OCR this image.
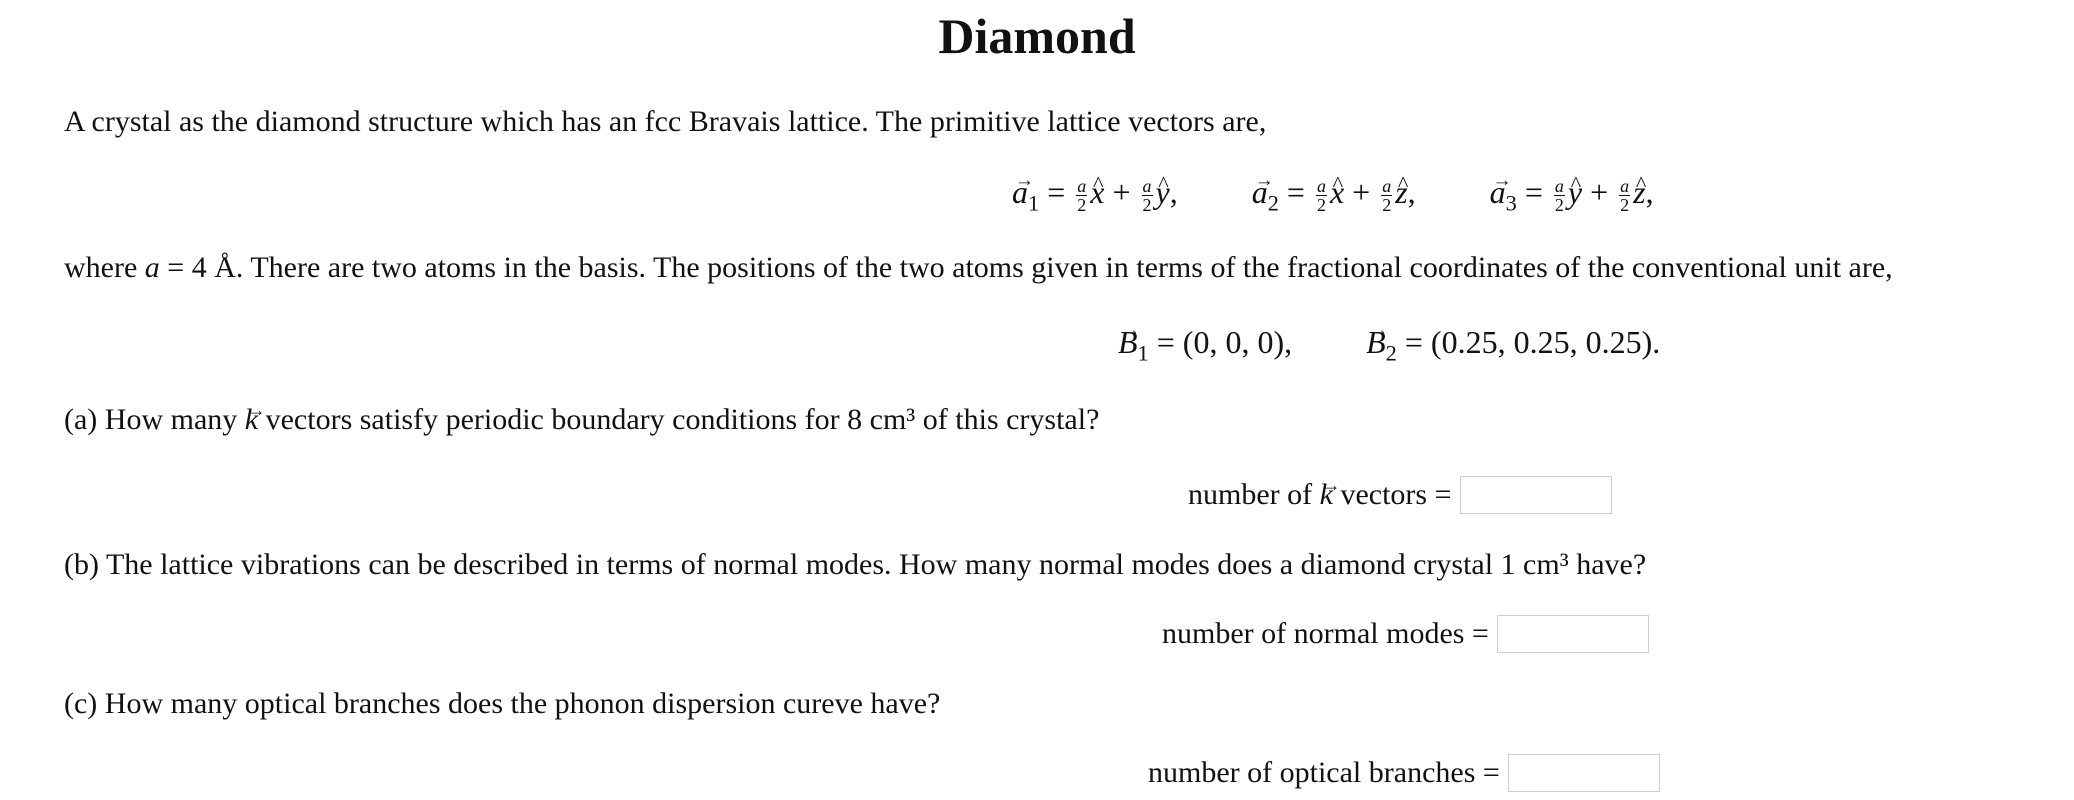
Diamond
A crystal as the diamond structure which has an fcc Bravais lattice. The primitive lattice vectors are,
$a \to_1 = \frac{a}{2}$ x ^ + $\frac{a}{2}$ y ^,  $a \to_2 = \frac{a}{2}$ x ^ + $\frac{a}{2}$ z ^,  $a \to_3 = \frac{a}{2}$ y ^ + $\frac{a}{2}$ z ^,
where a = 4 Å. There are two atoms in the basis. The positions of the two atoms given in terms of the fractional coordinates of the conventional unit are,
$B \to_1 = (0$, 0, 0), $B \to_2 = (0.25$, 0.25, 0.25).
(a) How many k → vectors satisfy periodic boundary conditions for 8 cm³ of this crystal?
number of k → vectors =
(b) The lattice vibrations can be described in terms of normal modes. How many normal modes does a diamond crystal 1 cm³ have?
number of normal modes =
(c) How many optical branches does the phonon dispersion cureve have?
number of optical branches =
